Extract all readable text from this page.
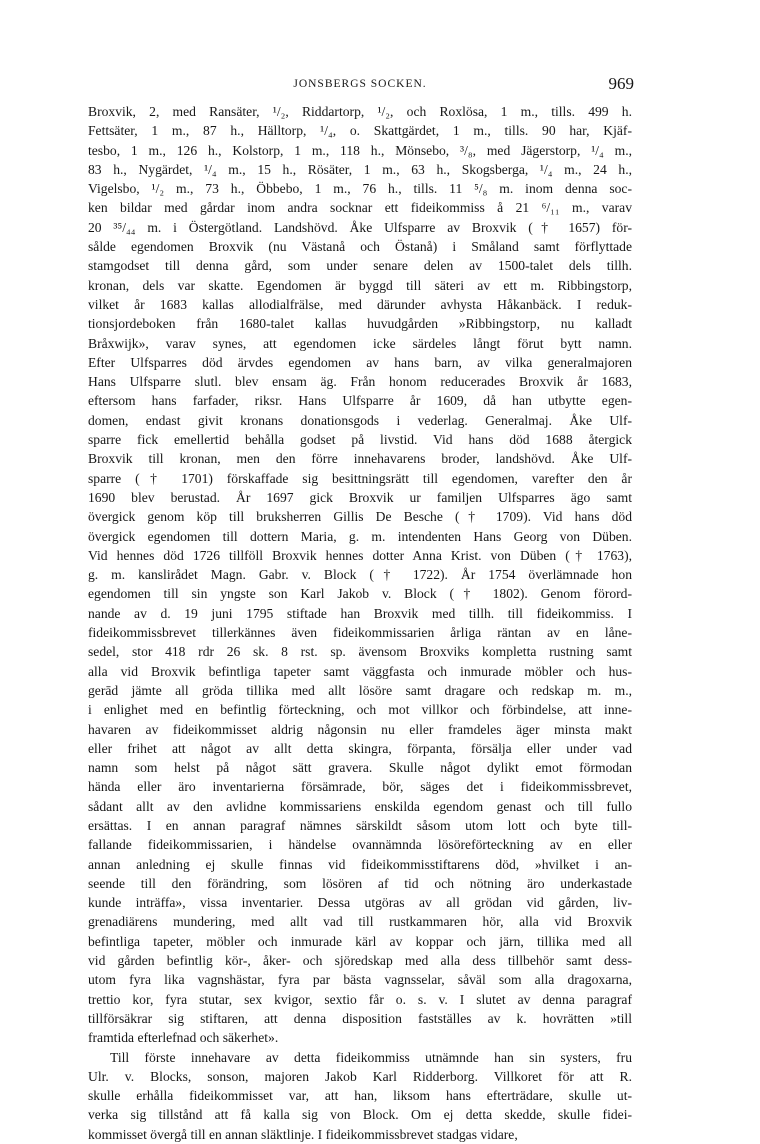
JONSBERGS SOCKEN.	969
Broxvik, 2, med Ransäter, ¹/₂, Riddartorp, ¹/₂, och Roxlösa, 1 m., tills. 499 h.
Fettsäter, 1 m., 87 h., Hälltorp, ¹/₄, o. Skattgärdet, 1 m., tills. 90 har, Kjäf-
tesbo, 1 m., 126 h., Kolstorp, 1 m., 118 h., Mönsebo, ³/₈, med Jägerstorp, ¹/₄ m.,
83 h., Nygärdet, ¹/₄ m., 15 h., Rösäter, 1 m., 63 h., Skogsberga, ¹/₄ m., 24 h.,
Vigelsbo, ¹/₂ m., 73 h., Öbbebo, 1 m., 76 h., tills. 11 ⁵/₈ m. inom denna soc-
ken bildar med gårdar inom andra socknar ett fideikommiss å 21 ⁶/₁₁ m., varav
20 ³⁵/₄₄ m. i Östergötland. Landshövd. Åke Ulfsparre av Broxvik († 1657) för-
sålde egendomen Broxvik (nu Västanå och Östanå) i Småland samt förflyttade
stamgodset till denna gård, som under senare delen av 1500-talet dels tillh.
kronan, dels var skatte. Egendomen är byggd till säteri av ett m. Ribbingstorp,
vilket år 1683 kallas allodialfrälse, med därunder avhysta Håkanbäck. I reduk-
tionsjordeboken från 1680-talet kallas huvudgården »Ribbingstorp, nu kalladt
Bråxwijk», varav synes, att egendomen icke särdeles långt förut bytt namn.
Efter Ulfsparres död ärvdes egendomen av hans barn, av vilka generalmajoren
Hans Ulfsparre slutl. blev ensam äg. Från honom reducerades Broxvik år 1683,
eftersom hans farfader, riksr. Hans Ulfsparre år 1609, då han utbytte egen-
domen, endast givit kronans donationsgods i vederlag. Generalmaj. Åke Ulf-
sparre fick emellertid behålla godset på livstid. Vid hans död 1688 återgick
Broxvik till kronan, men den förre innehavarens broder, landshövd. Åke Ulf-
sparre († 1701) förskaffade sig besittningsrätt till egendomen, varefter den år
1690 blev berustad. År 1697 gick Broxvik ur familjen Ulfsparres ägo samt
övergick genom köp till bruksherren Gillis De Besche († 1709). Vid hans död
övergick egendomen till dottern Maria, g. m. intendenten Hans Georg von Düben.
Vid hennes död 1726 tillföll Broxvik hennes dotter Anna Krist. von Düben († 1763),
g. m. kanslirådet Magn. Gabr. v. Block († 1722). År 1754 överlämnade hon
egendomen till sin yngste son Karl Jakob v. Block († 1802). Genom förord-
nande av d. 19 juni 1795 stiftade han Broxvik med tillh. till fideikommiss. I
fideikommissbrevet tillerkännes även fideikommissarien årliga räntan av en låne-
sedel, stor 418 rdr 26 sk. 8 rst. sp. ävensom Broxviks kompletta rustning samt
alla vid Broxvik befintliga tapeter samt väggfasta och inmurade möbler och hus-
gerād jämte all gröda tillika med allt lösöre samt dragare och redskap m. m.,
i enlighet med en befintlig förteckning, och mot villkor och förbindelse, att inne-
havaren av fideikommisset aldrig någonsin nu eller framdeles äger minsta makt
eller frihet att något av allt detta skingra, förpanta, försälja eller under vad
namn som helst på något sätt gravera. Skulle något dylikt emot förmodan
hända eller äro inventarierna försämrade, bör, säges det i fideikommissbrevet,
sådant allt av den avlidne kommissariens enskilda egendom genast och till fullo
ersättas. I en annan paragraf nämnes särskildt såsom utom lott och byte till-
fallande fideikommissarien, i händelse ovannämnda lösöreförteckning av en eller
annan anledning ej skulle finnas vid fideikommisstiftarens död, »hvilket i an-
seende till den förändring, som lösören af tid och nötning äro underkastade
kunde inträffa», vissa inventarier. Dessa utgöras av all grödan vid gården, liv-
grenadiärens mundering, med allt vad till rustkammaren hör, alla vid Broxvik
befintliga tapeter, möbler och inmurade kärl av koppar och järn, tillika med all
vid gården befintlig kör-, åker- och sjöredskap med alla dess tillbehör samt dess-
utom fyra lika vagnshästar, fyra par bästa vagnsselar, såväl som alla dragoxarna,
trettio kor, fyra stutar, sex kvigor, sextio får o. s. v. I slutet av denna paragraf
tillförsäkrar sig stiftaren, att denna disposition fastställes av k. hovrätten »till
framtida efterlefnad och säkerhet».
Till förste innehavare av detta fideikommiss utnämnde han sin systers, fru
Ulr. v. Blocks, sonson, majoren Jakob Karl Ridderborg. Villkoret för att R.
skulle erhålla fideikommisset var, att han, liksom hans efterträdare, skulle ut-
verka sig tillstånd att få kalla sig von Block. Om ej detta skedde, skulle fidei-
kommisset övergå till en annan släktlinje. I fideikommissbrevet stadgas vidare,
